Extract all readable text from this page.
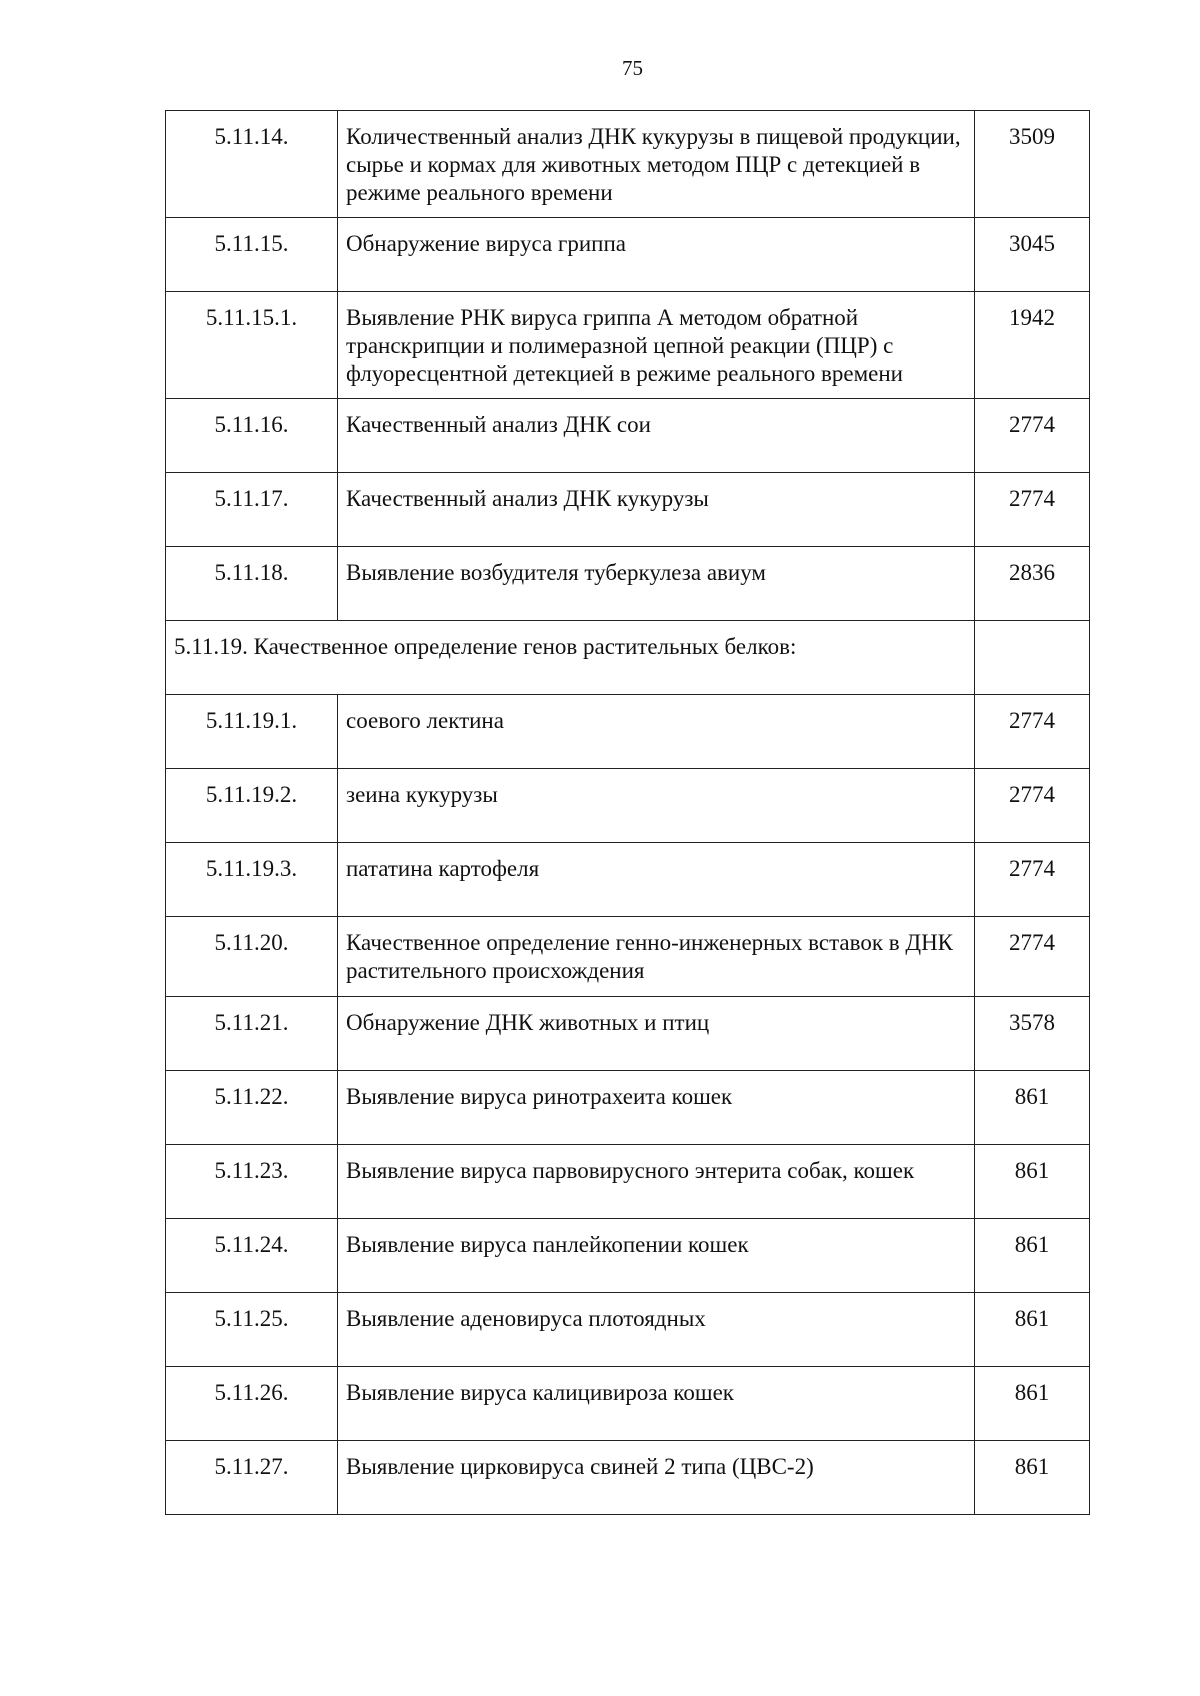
75
5.11.14.	Количественный анализ ДНК кукурузы в пищевой продукции, сырье и кормах для животных методом ПЦР с детекцией в режиме реального времени	3509
5.11.15.	Обнаружение вируса гриппа	3045
5.11.15.1.	Выявление РНК вируса гриппа А методом обратной транскрипции и полимеразной цепной реакции (ПЦР) с флуоресцентной детекцией в режиме реального времени	1942
5.11.16.	Качественный анализ ДНК сои	2774
5.11.17.	Качественный анализ ДНК кукурузы	2774
5.11.18.	Выявление возбудителя туберкулеза авиум	2836
5.11.19. Качественное определение генов растительных белков:		
5.11.19.1.	соевого лектина	2774
5.11.19.2.	зеина кукурузы	2774
5.11.19.3.	пататина картофеля	2774
5.11.20.	Качественное определение генно-инженерных вставок в ДНК растительного происхождения	2774
5.11.21.	Обнаружение ДНК животных и птиц	3578
5.11.22.	Выявление вируса ринотрахеита кошек	861
5.11.23.	Выявление вируса парвовирусного энтерита собак, кошек	861
5.11.24.	Выявление вируса панлейкопении кошек	861
5.11.25.	Выявление аденовируса плотоядных	861
5.11.26.	Выявление вируса калицивироза кошек	861
5.11.27.	Выявление цирковируса свиней 2 типа (ЦВС-2)	861
